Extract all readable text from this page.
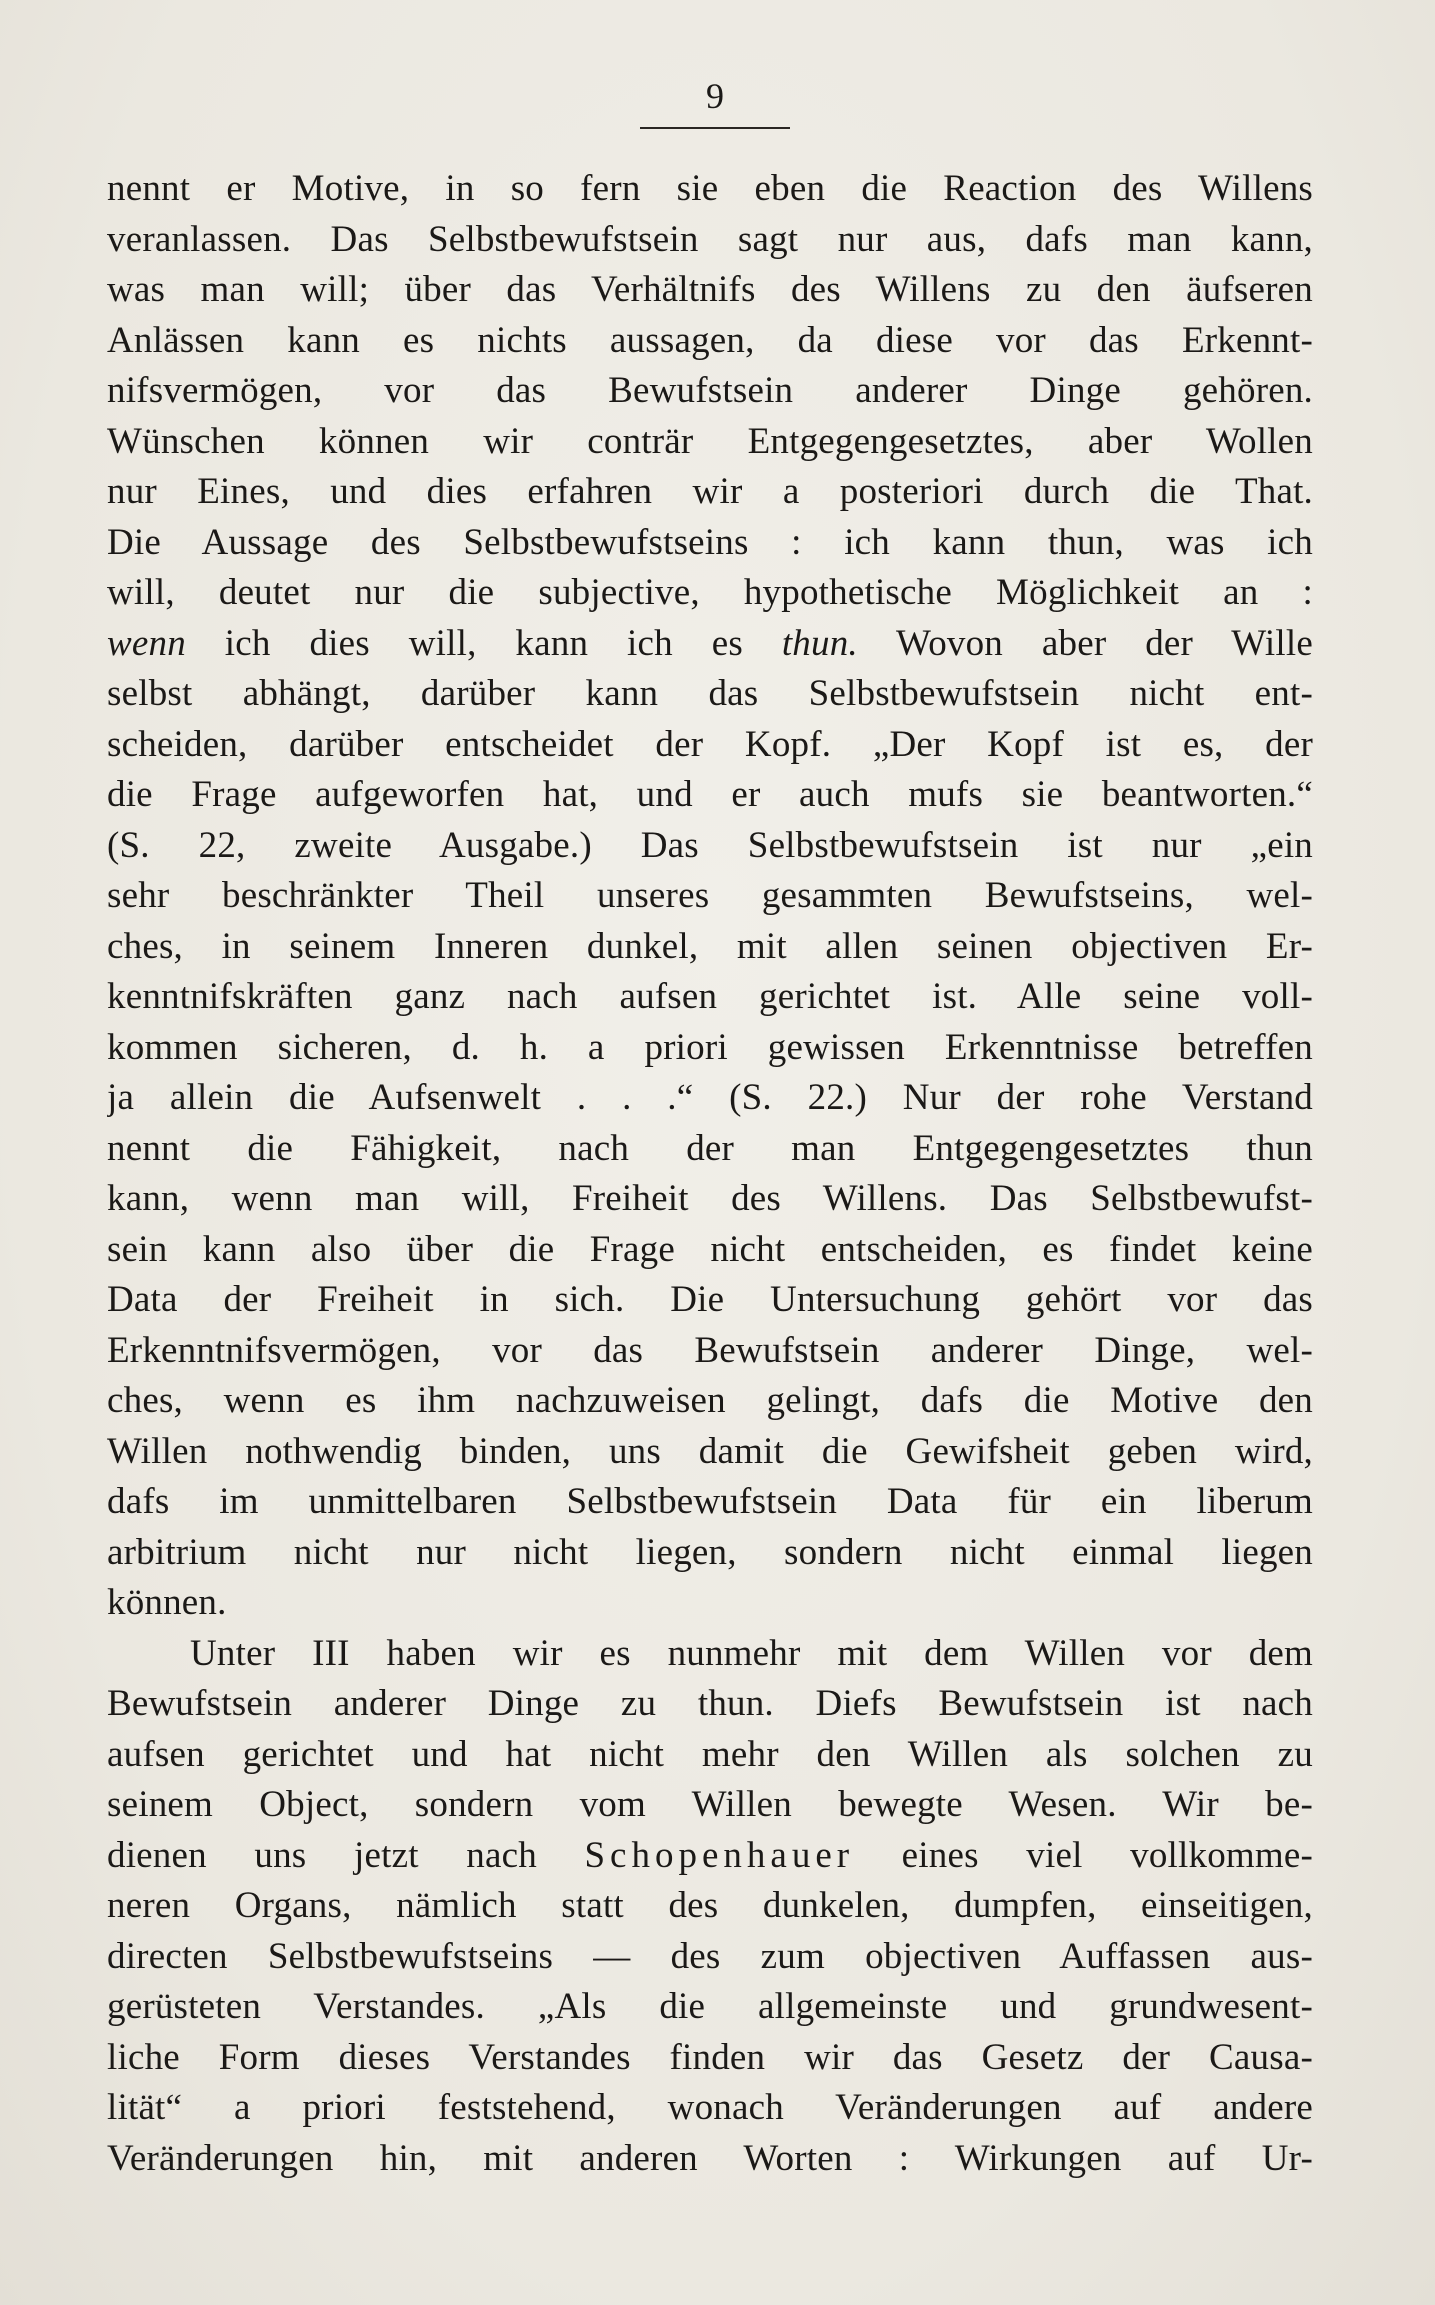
9
nennt er Motive, in so fern sie eben die Reaction des Willens
veranlassen. Das Selbstbewufstsein sagt nur aus, dafs man kann,
was man will; über das Verhältnifs des Willens zu den äufseren
Anlässen kann es nichts aussagen, da diese vor das Erkennt-
nifsvermögen, vor das Bewufstsein anderer Dinge gehören.
Wünschen können wir conträr Entgegengesetztes, aber Wollen
nur Eines, und dies erfahren wir a posteriori durch die That.
Die Aussage des Selbstbewufstseins : ich kann thun, was ich
will, deutet nur die subjective, hypothetische Möglichkeit an :
wenn ich dies will, kann ich es thun. Wovon aber der Wille
selbst abhängt, darüber kann das Selbstbewufstsein nicht ent-
scheiden, darüber entscheidet der Kopf. „Der Kopf ist es, der
die Frage aufgeworfen hat, und er auch mufs sie beantworten.“
(S. 22, zweite Ausgabe.) Das Selbstbewufstsein ist nur „ein
sehr beschränkter Theil unseres gesammten Bewufstseins, wel-
ches, in seinem Inneren dunkel, mit allen seinen objectiven Er-
kenntnifskräften ganz nach aufsen gerichtet ist. Alle seine voll-
kommen sicheren, d. h. a priori gewissen Erkenntnisse betreffen
ja allein die Aufsenwelt . . .“ (S. 22.) Nur der rohe Verstand
nennt die Fähigkeit, nach der man Entgegengesetztes thun
kann, wenn man will, Freiheit des Willens. Das Selbstbewufst-
sein kann also über die Frage nicht entscheiden, es findet keine
Data der Freiheit in sich. Die Untersuchung gehört vor das
Erkenntnifsvermögen, vor das Bewufstsein anderer Dinge, wel-
ches, wenn es ihm nachzuweisen gelingt, dafs die Motive den
Willen nothwendig binden, uns damit die Gewifsheit geben wird,
dafs im unmittelbaren Selbstbewufstsein Data für ein liberum
arbitrium nicht nur nicht liegen, sondern nicht einmal liegen
können.
Unter III haben wir es nunmehr mit dem Willen vor dem
Bewufstsein anderer Dinge zu thun. Diefs Bewufstsein ist nach
aufsen gerichtet und hat nicht mehr den Willen als solchen zu
seinem Object, sondern vom Willen bewegte Wesen. Wir be-
dienen uns jetzt nach Schopenhauer eines viel vollkomme-
neren Organs, nämlich statt des dunkelen, dumpfen, einseitigen,
directen Selbstbewufstseins — des zum objectiven Auffassen aus-
gerüsteten Verstandes. „Als die allgemeinste und grundwesent-
liche Form dieses Verstandes finden wir das Gesetz der Causa-
lität“ a priori feststehend, wonach Veränderungen auf andere
Veränderungen hin, mit anderen Worten : Wirkungen auf Ur-
